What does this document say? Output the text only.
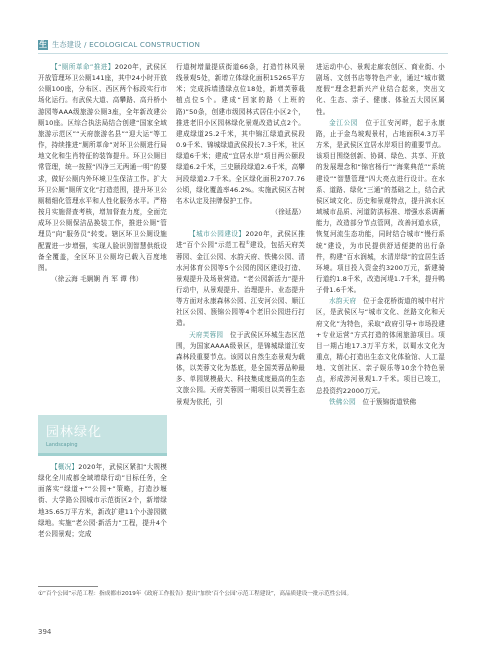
生 生态建设 / ECOLOGICAL CONSTRUCTION

【“厕所革命”推进】2020年，武侯区开放管理环卫公厕141座，其中24小时开放公厕100座，分布区、西区两个标段实行市场化运行。有武侯大道、高攀路、高升桥小游园等AAA级旅游公厕3座，全年新改建公厕10座。区综合执法局结合创建“国家全域旅游示范区”“天府旅游名县”“迎大运”等工作，持续推进“厕所革命”对环卫公厕进行局地文化和生肖特征的装饰提升。环卫公厕目常管理，统一按照“四净三无两通一明”的要求，做好公厕内外环境卫生保洁工作。扩大环卫公厕“厕所文化”打造范围，提升环卫公厕精细化管理水平和人性化服务水平。严格按月实施督查考核，增加督查力度，全面完成环卫公厕保洁品换装工作，推进公厕“管理员”向“服务员”转变。辖区环卫公厕设施配置进一步增强，实现人脸识别智慧供纸设备全覆盖，全区环卫公厕均已载入百度地图。

（徐云海 毛娴娴 肖 军 谭 伟）

园林绿化
Landscaping

【概况】2020年，武侯区紧扣“大规模绿化全川成都全域增绿行动”目标任务，全面落实“绿道+”“公园+”策略，打造沙堰街、大学路公园城市示范街区2个，新增绿地35.65万平方米，新改扩建11个小游园微绿地。实施“老公园·新活力”工程，提升4个老公园景观；完成

行道树增量提质街道66条，打造竹林风景线景观5处，新增立体绿化面积15265平方米；完成拆墙透绿点位18处，新增芙蓉栽植点位5个。建成“回家的路（上班的路)”50条，创建市级园林式居住小区2个，推进老旧小区园林绿化景观改造试点2个。建成绿道25.2千米，其中锦江绿道武侯段0.9千米、锦城绿道武侯段长7.3千米，社区绿道6千米；建成“宜居水岸”项目两公颐段绿道6.2千米，三史颐段绿道2.6千米，高攀河段绿道2.7千米。全区绿化面积2707.76公顷，绿化覆盖率46.2%。实施武侯区古树名木认定及挂牌保护工作。

（徐延磊）

【城市公园建设】2020年，武侯区推进“百个公园”示范工程①建设，包括天府芙蓉园、金江公园、水韵天府、铁佛公园、清水河体育公园等5个公园的园区建设打造、景观提升及场景营造。“老公园新活力”提升行动中，从景观提升、治理提升、业态提升等方面对永康森林公园、江安河公园、顺江社区公园、簇锦公园等4个老旧公园进行打造。

天府芙蓉园　 位于武侯区环城生态区范围，为国家AAAA级景区，是锦城绿道江安森林段重要节点。该园以自然生态景观为载体，以芙蓉文化为基底，是全国芙蓉品种最多、单园规模最大、科技集成度最高的生态文旅公园。天府芙蓉园一期项目以芙蓉生态景观为依托，引

进运动中心、景观走廊农创区、商业街、小剧场、文创书店等特色产业，通过“城市微度假”理念把新兴产业结合起来，突出文化、生态、亲子、健康、体验五大园区属性。

金江公园　 位于江安河畔，起于永康路，止于金鸟坡观景村，占地面积4.3万平方米，是武侯区宜居水岸项目的重要节点。该项目围绕创新、协调、绿色、共享、开放的发展理念和“锦官杨行”“海棠典范”“系统建设”“智慧管理”四大亮点进行设计。在水系、道路、绿化“三通”的基础之上，结合武侯区域文化、历史和景观特点，提升滨水区域城市品质、河道防洪标准、增强水系调蓄能力，改造部分节点管网，改善河道水质，恢复河流生态功能，同时结合城市“慢行系统”建设，为市民提供舒适便捷的出行条件，构建“百水润城，水清岸绿”的宜居生活环境。项目投入资金约3200万元，新建骑行道约1.8千米，改造河堤1.7千米，提升鸭子骨1.6千米。

水韵天府　 位于金花桥街道的城中村片区，是武侯区与“城市文化、丝路文化和天府文化”为特色，采取“政府引导+市场投建+专业运营”方式打造的体闲旅游项目。项目一期占地17.3万平方米，以蜀水文化为重点，精心打造出生态文化体验馆、人工湿地、文创社区、亲子娱乐等10余个特色景点，形成涉河景观1.7千米。项目已竣工，总投资约22000万元。

铁佛公园　 位于簇锦街道铁佛

①“百个公园”示范工程：指成都市2019年《政府工作报告》提出“加快‘百个公园’示范工程建设”，高品质建设一批示范性公园。
394
